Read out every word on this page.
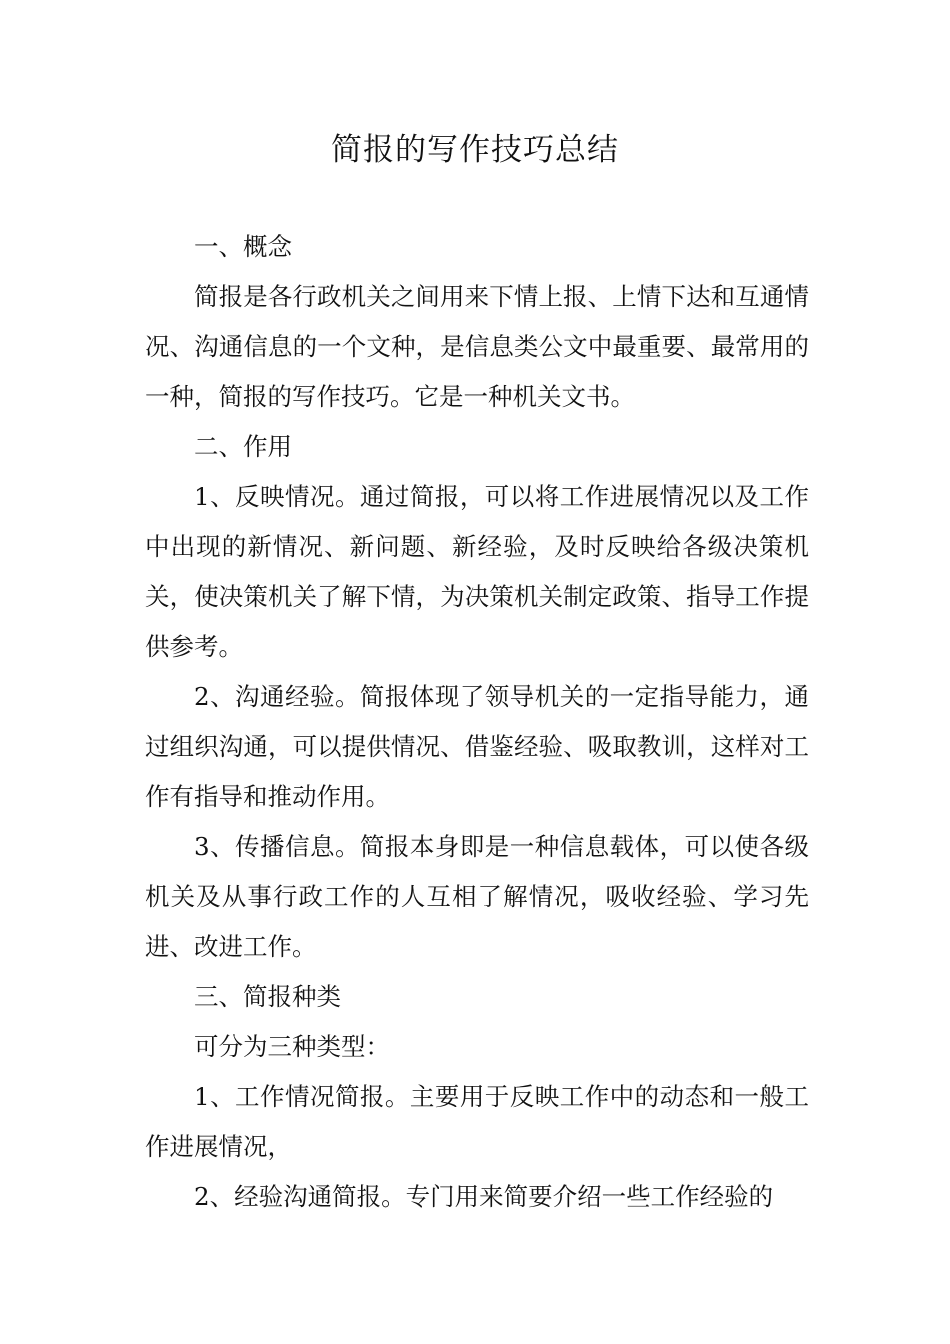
简报的写作技巧总结

一、概念

简报是各行政机关之间用来下情上报、上情下达和互通情况、沟通信息的一个文种，是信息类公文中最重要、最常用的一种，简报的写作技巧。它是一种机关文书。

二、作用

1、反映情况。通过简报，可以将工作进展情况以及工作中出现的新情况、新问题、新经验，及时反映给各级决策机关，使决策机关了解下情，为决策机关制定政策、指导工作提供参考。

2、沟通经验。简报体现了领导机关的一定指导能力，通过组织沟通，可以提供情况、借鉴经验、吸取教训，这样对工作有指导和推动作用。

3、传播信息。简报本身即是一种信息载体，可以使各级机关及从事行政工作的人互相了解情况，吸收经验、学习先进、改进工作。

三、简报种类

可分为三种类型：

1、工作情况简报。主要用于反映工作中的动态和一般工作进展情况，

2、经验沟通简报。专门用来简要介绍一些工作经验的
